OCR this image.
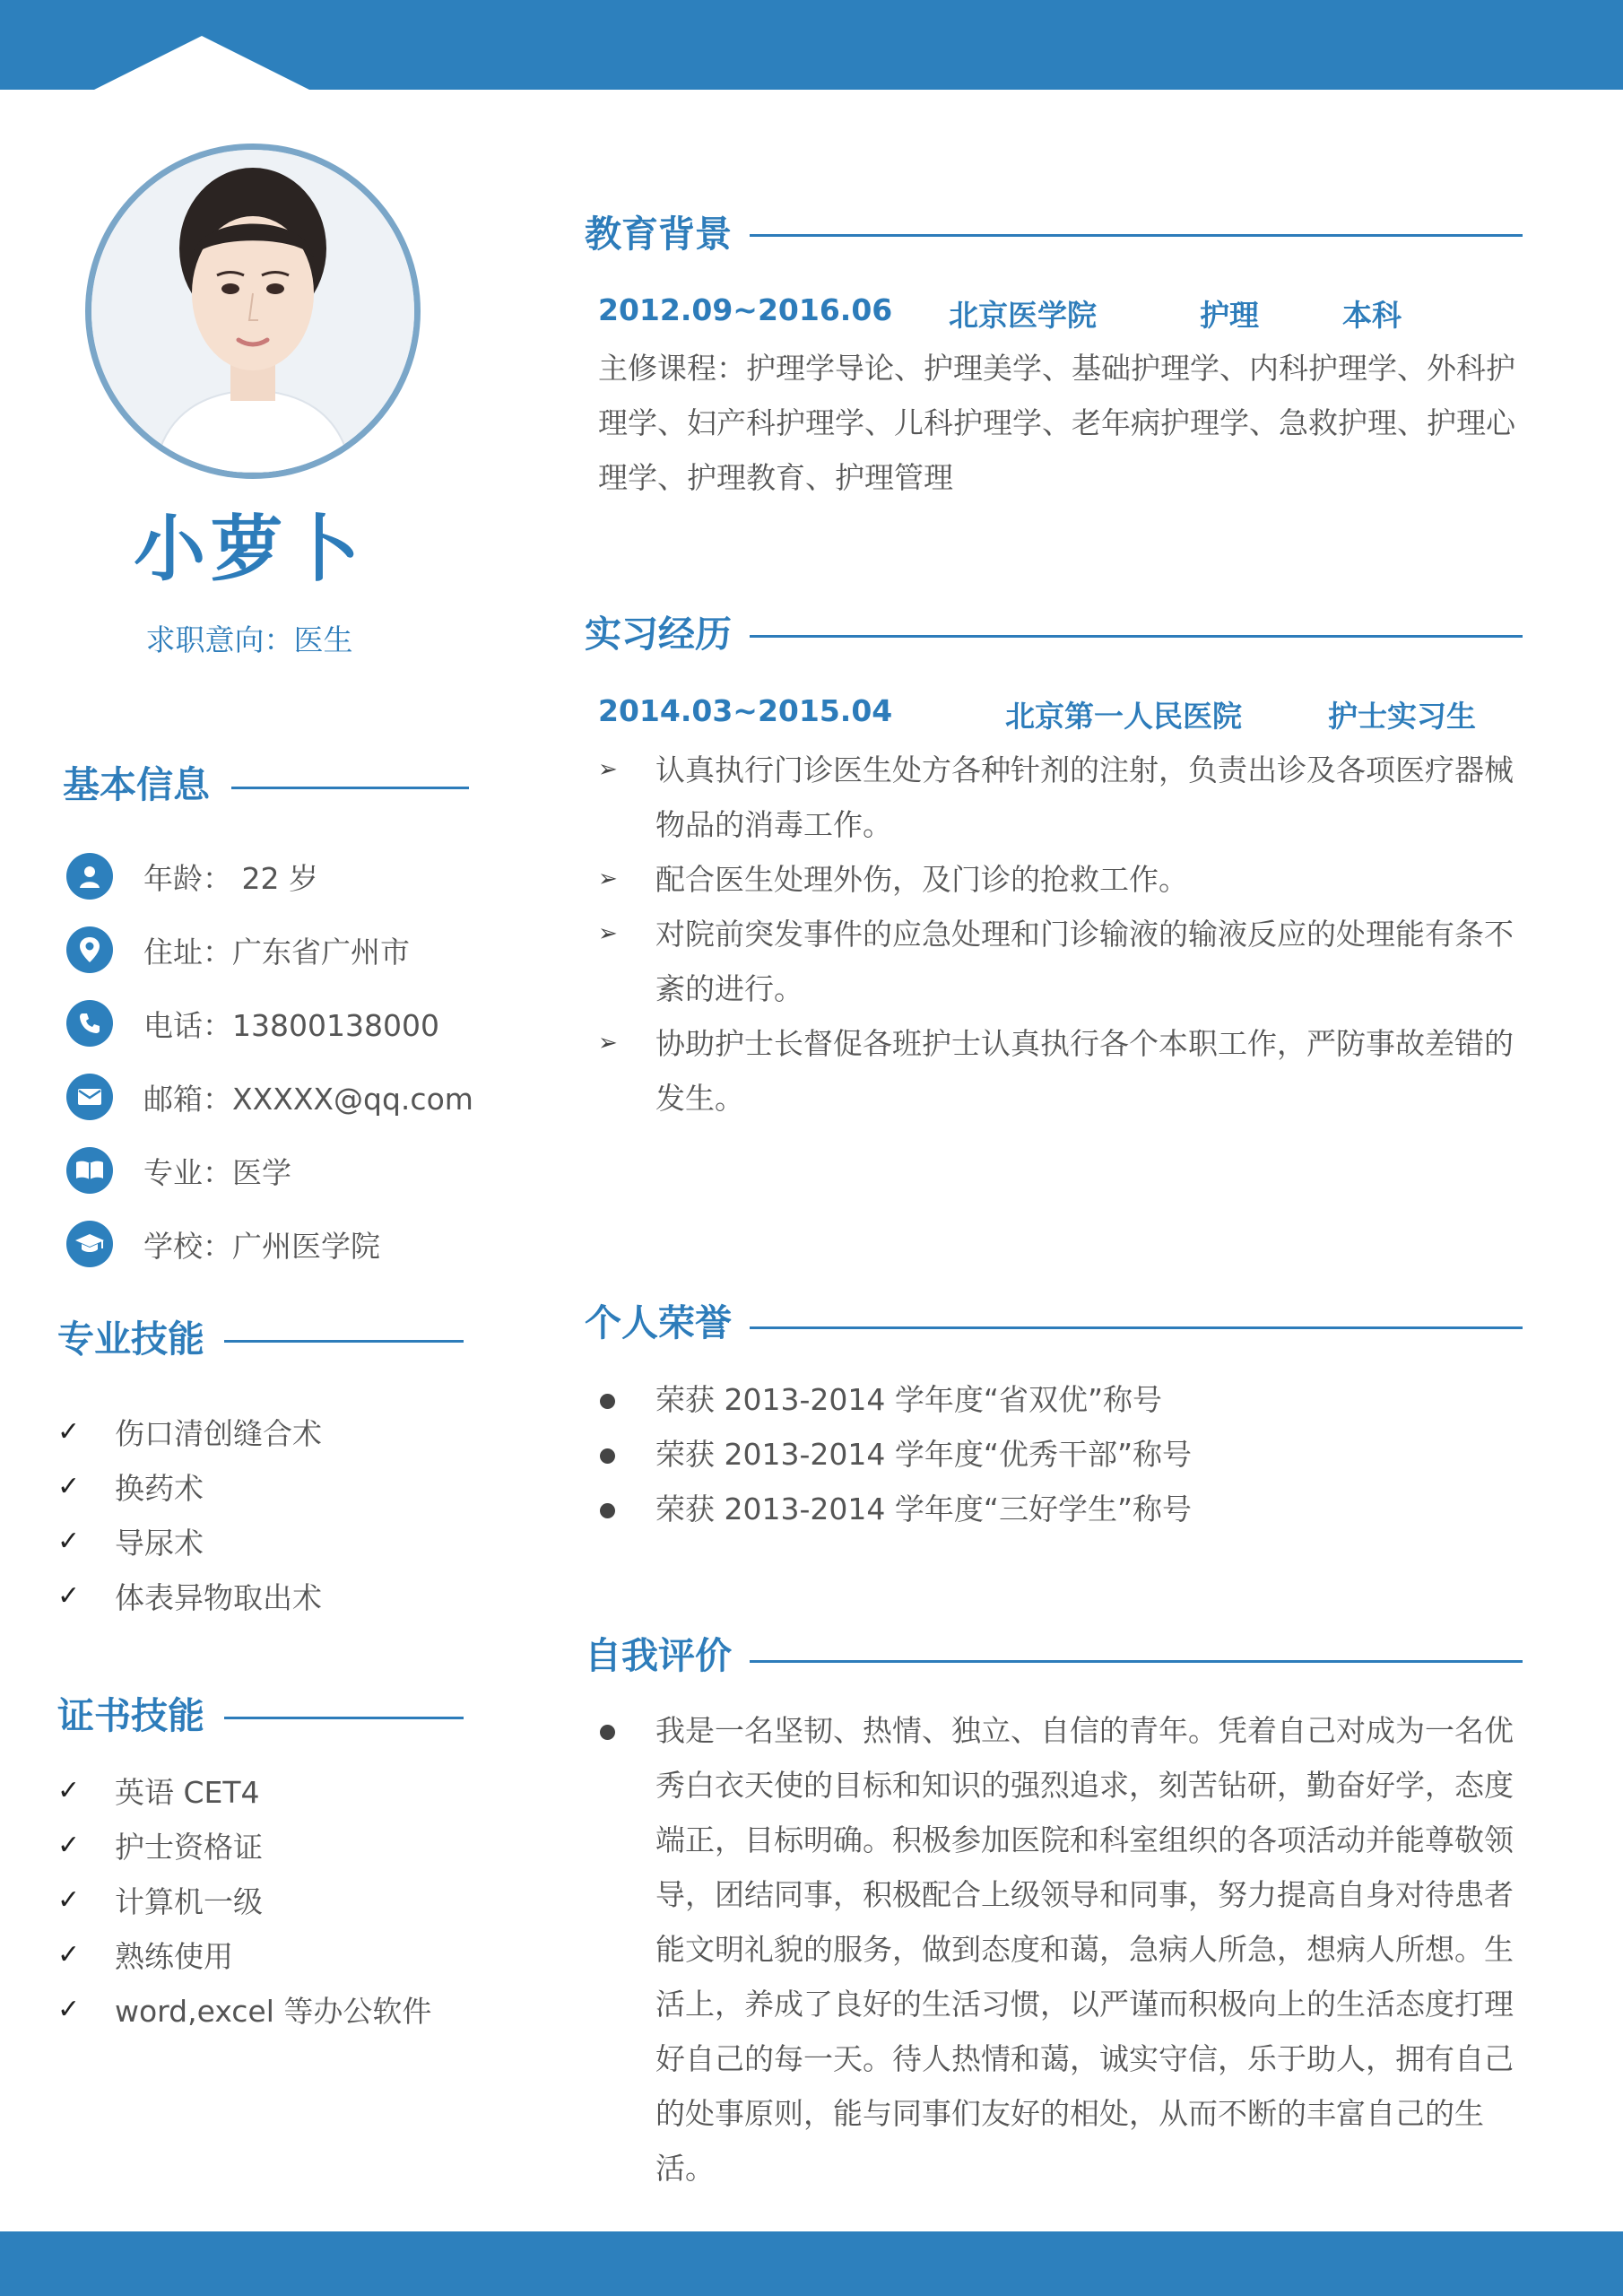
小萝卜
求职意向：医生
基本信息
年龄： 22 岁
住址：广东省广州市
电话：13800138000
邮箱：XXXXX@qq.com
专业：医学
学校：广州医学院
专业技能
✓ 伤口清创缝合术
✓ 换药术
✓ 导尿术
✓ 体表异物取出术
证书技能
✓ 英语 CET4
✓ 护士资格证
✓ 计算机一级
✓ 熟练使用
✓ word,excel 等办公软件
教育背景
2012.09~2016.06 北京医学院	护理	本科
主修课程：护理学导论、护理美学、基础护理学、内科护理学、外科护理学、妇产科护理学、儿科护理学、老年病护理学、急救护理、护理心理学、护理教育、护理管理
实习经历
2014.03~2015.04	北京第一人民医院	护士实习生
➢	认真执行门诊医生处方各种针剂的注射，负责出诊及各项医疗器械物品的消毒工作。
➢	配合医生处理外伤，及门诊的抢救工作。
➢	对院前突发事件的应急处理和门诊输液的输液反应的处理能有条不紊的进行。
➢	协助护士长督促各班护士认真执行各个本职工作，严防事故差错的发生。
个人荣誉
荣获 2013-2014 学年度“省双优”称号
荣获 2013-2014 学年度“优秀干部”称号
荣获 2013-2014 学年度“三好学生”称号
自我评价
我是一名坚韧、热情、独立、自信的青年。凭着自己对成为一名优秀白衣天使的目标和知识的强烈追求，刻苦钻研，勤奋好学，态度端正，目标明确。积极参加医院和科室组织的各项活动并能尊敬领导，团结同事，积极配合上级领导和同事，努力提高自身对待患者能文明礼貌的服务，做到态度和蔼，急病人所急，想病人所想。生活上，养成了良好的生活习惯，以严谨而积极向上的生活态度打理好自己的每一天。待人热情和蔼，诚实守信，乐于助人，拥有自己的处事原则，能与同事们友好的相处，从而不断的丰富自己的生活。
